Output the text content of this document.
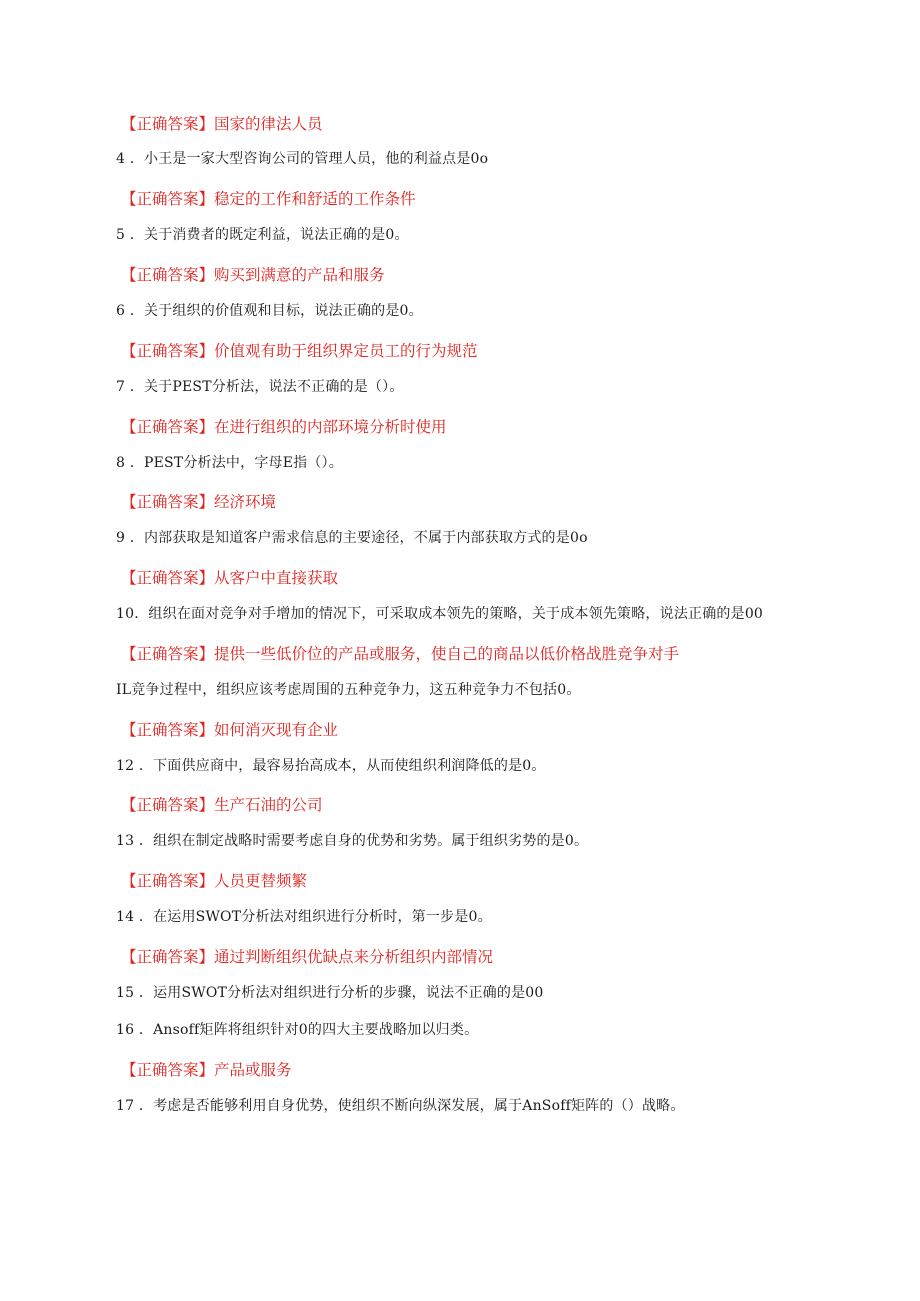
【正确答案】国家的律法人员
4 ．小王是一家大型咨询公司的管理人员，他的利益点是0o
【正确答案】稳定的工作和舒适的工作条件
5 ．关于消费者的既定利益，说法正确的是0。
【正确答案】购买到满意的产品和服务
6 ．关于组织的价值观和目标，说法正确的是0。
【正确答案】价值观有助于组织界定员工的行为规范
7 ．关于PEST分析法，说法不正确的是（）。
【正确答案】在进行组织的内部环境分析时使用
8 ．PEST分析法中，字母E指（）。
【正确答案】经济环境
9 ．内部获取是知道客户需求信息的主要途径，不属于内部获取方式的是0o
【正确答案】从客户中直接获取
10．组织在面对竞争对手增加的情况下，可采取成本领先的策略，关于成本领先策略，说法正确的是00
【正确答案】提供一些低价位的产品或服务，使自己的商品以低价格战胜竞争对手
IL竞争过程中，组织应该考虑周围的五种竞争力，这五种竞争力不包括0。
【正确答案】如何消灭现有企业
12 ．下面供应商中，最容易抬高成本，从而使组织利润降低的是0。
【正确答案】生产石油的公司
13 ．组织在制定战略时需要考虑自身的优势和劣势。属于组织劣势的是0。
【正确答案】人员更替频繁
14 ．在运用SWOT分析法对组织进行分析时，第一步是0。
【正确答案】通过判断组织优缺点来分析组织内部情况
15 ．运用SWOT分析法对组织进行分析的步骤，说法不正确的是00
16 ．Ansoff矩阵将组织针对0的四大主要战略加以归类。
【正确答案】产品或服务
17 ．考虑是否能够利用自身优势，使组织不断向纵深发展，属于AnSoff矩阵的（）战略。
